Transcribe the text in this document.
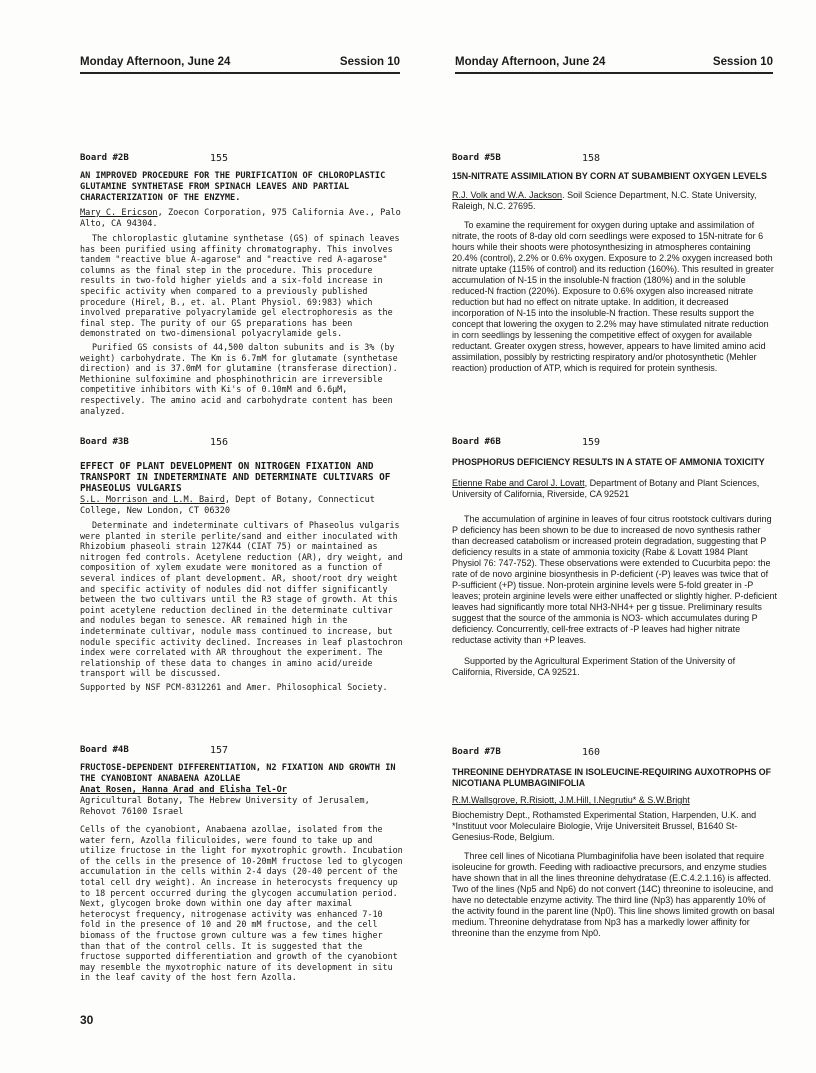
Monday Afternoon, June 24	Session 10	Monday Afternoon, June 24	Session 10
Board #2B	155
AN IMPROVED PROCEDURE FOR THE PURIFICATION OF CHLOROPLASTIC GLUTAMINE SYNTHETASE FROM SPINACH LEAVES AND PARTIAL CHARACTERIZATION OF THE ENZYME.
Mary C. Ericson, Zoecon Corporation, 975 California Ave., Palo Alto, CA 94304.

The chloroplastic glutamine synthetase (GS) of spinach leaves has been purified using affinity chromatography. This involves tandem "reactive blue A-agarose" and "reactive red A-agarose" columns as the final step in the procedure. This procedure results in two-fold higher yields and a six-fold increase in specific activity when compared to a previously published procedure (Hirel, B., et. al. Plant Physiol. 69:983) which involved preparative polyacrylamide gel electrophoresis as the final step. The purity of our GS preparations has been demonstrated on two-dimensional polyacrylamide gels.

Purified GS consists of 44,500 dalton subunits and is 3% (by weight) carbohydrate. The Km is 6.7mM for glutamate (synthetase direction) and is 37.0mM for glutamine (transferase direction). Methionine sulfoximine and phosphinothricin are irreversible competitive inhibitors with Ki's of 0.10mM and 6.6μM, respectively. The amino acid and carbohydrate content has been analyzed.

Board #3B	156
EFFECT OF PLANT DEVELOPMENT ON NITROGEN FIXATION AND TRANSPORT IN INDETERMINATE AND DETERMINATE CULTIVARS OF PHASEOLUS VULGARIS
S.L. Morrison and L.M. Baird, Dept of Botany, Connecticut College, New London, CT 06320

Determinate and indeterminate cultivars of Phaseolus vulgaris were planted in sterile perlite/sand and either inoculated with Rhizobium phaseoli strain 127K44 (CIAT 75) or maintained as nitrogen fed controls. Acetylene reduction (AR), dry weight, and composition of xylem exudate were monitored as a function of several indices of plant development. AR, shoot/root dry weight and specific activity of nodules did not differ significantly between the two cultivars until the R3 stage of growth. At this point acetylene reduction declined in the determinate cultivar and nodules began to senesce. AR remained high in the indeterminate cultivar, nodule mass continued to increase, but nodule specific activity declined. Increases in leaf plastochron index were correlated with AR throughout the experiment. The relationship of these data to changes in amino acid/ureide transport will be discussed.

Supported by NSF PCM-8312261 and Amer. Philosophical Society.

Board #4B	157
FRUCTOSE-DEPENDENT DIFFERENTIATION, N2 FIXATION AND GROWTH IN THE CYANOBIONT ANABAENA AZOLLAE
Anat Rosen, Hanna Arad and Elisha Tel-Or
Agricultural Botany, The Hebrew University of Jerusalem, Rehovot 76100 Israel

Cells of the cyanobiont, Anabaena azollae, isolated from the water fern, Azolla filiculoides, were found to take up and utilize fructose in the light for myxotrophic growth. Incubation of the cells in the presence of 10-20mM fructose led to glycogen accumulation in the cells within 2-4 days (20-40 percent of the total cell dry weight). An increase in heterocysts frequency up to 18 percent occurred during the glycogen accumulation period. Next, glycogen broke down within one day after maximal heterocyst frequency, nitrogenase activity was enhanced 7-10 fold in the presence of 10 and 20 mM fructose, and the cell biomass of the fructose grown culture was a few times higher than that of the control cells. It is suggested that the fructose supported differentiation and growth of the cyanobiont may resemble the myxotrophic nature of its development in situ in the leaf cavity of the host fern Azolla.

Board #5B	158
15N-NITRATE ASSIMILATION BY CORN AT SUBAMBIENT OXYGEN LEVELS
R.J. Volk and W.A. Jackson. Soil Science Department, N.C. State University, Raleigh, N.C. 27695.

To examine the requirement for oxygen during uptake and assimilation of nitrate, the roots of 8-day old corn seedlings were exposed to 15N-nitrate for 6 hours while their shoots were photosynthesizing in atmospheres containing 20.4% (control), 2.2% or 0.6% oxygen. Exposure to 2.2% oxygen increased both nitrate uptake (115% of control) and its reduction (160%). This resulted in greater accumulation of N-15 in the insoluble-N fraction (180%) and in the soluble reduced-N fraction (220%). Exposure to 0.6% oxygen also increased nitrate reduction but had no effect on nitrate uptake. In addition, it decreased incorporation of N-15 into the insoluble-N fraction. These results support the concept that lowering the oxygen to 2.2% may have stimulated nitrate reduction in corn seedlings by lessening the competitive effect of oxygen for available reductant. Greater oxygen stress, however, appears to have limited amino acid assimilation, possibly by restricting respiratory and/or photosynthetic (Mehler reaction) production of ATP, which is required for protein synthesis.

Board #6B	159
PHOSPHORUS DEFICIENCY RESULTS IN A STATE OF AMMONIA TOXICITY
Etienne Rabe and Carol J. Lovatt, Department of Botany and Plant Sciences, University of California, Riverside, CA 92521

The accumulation of arginine in leaves of four citrus rootstock cultivars during P deficiency has been shown to be due to increased de novo synthesis rather than decreased catabolism or increased protein degradation, suggesting that P deficiency results in a state of ammonia toxicity (Rabe & Lovatt 1984 Plant Physiol 76: 747-752). These observations were extended to Cucurbita pepo: the rate of de novo arginine biosynthesis in P-deficient (-P) leaves was twice that of P-sufficient (+P) tissue. Non-protein arginine levels were 5-fold greater in -P leaves; protein arginine levels were either unaffected or slightly higher. P-deficient leaves had significantly more total NH3-NH4+ per g tissue. Preliminary results suggest that the source of the ammonia is NO3- which accumulates during P deficiency. Concurrently, cell-free extracts of -P leaves had higher nitrate reductase activity than +P leaves.

Supported by the Agricultural Experiment Station of the University of California, Riverside, CA 92521.

Board #7B	160
THREONINE DEHYDRATASE IN ISOLEUCINE-REQUIRING AUXOTROPHS OF NICOTIANA PLUMBAGINIFOLIA
R.M.Wallsgrove, R.Risiott, J.M.Hill, I.Negrutiu* & S.W.Bright
Biochemistry Dept., Rothamsted Experimental Station, Harpenden, U.K. and *Instituut voor Moleculaire Biologie, Vrije Universiteit Brussel, B1640 St-Genesius-Rode, Belgium.

Three cell lines of Nicotiana Plumbaginifolia have been isolated that require isoleucine for growth. Feeding with radioactive precursors, and enzyme studies have shown that in all the lines threonine dehydratase (E.C.4.2.1.16) is affected. Two of the lines (Np5 and Np6) do not convert (14C) threonine to isoleucine, and have no detectable enzyme activity. The third line (Np3) has apparently 10% of the activity found in the parent line (Np0). This line shows limited growth on basal medium. Threonine dehydratase from Np3 has a markedly lower affinity for threonine than the enzyme from Np0.

30
